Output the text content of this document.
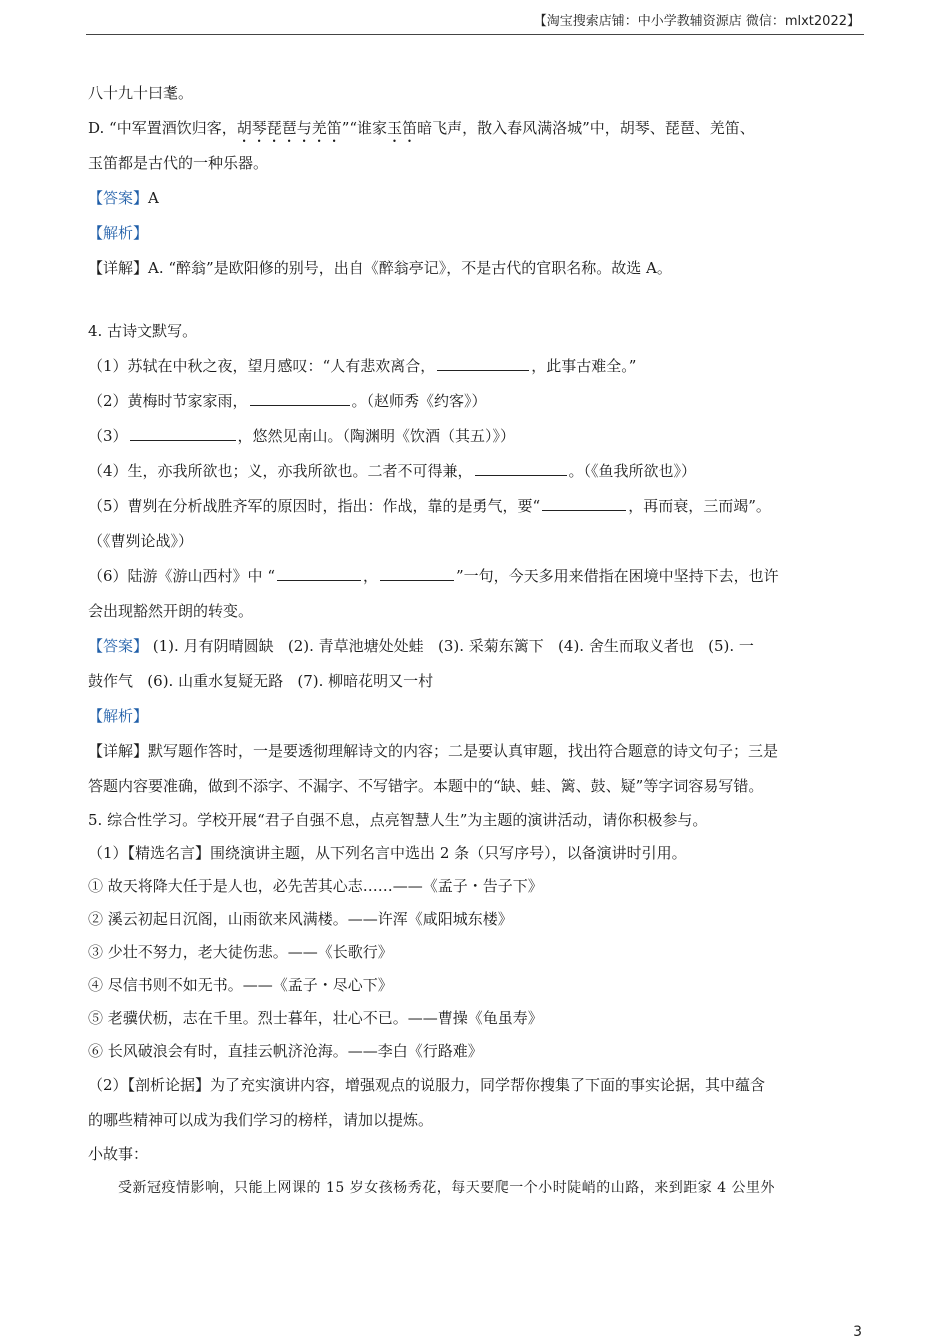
【淘宝搜索店铺：中小学教辅资源店 微信：mlxt2022】
八十九十曰耄。
D. “中军置酒饮归客，胡琴琵琶与羌笛”“谁家玉笛暗飞声，散入春风满洛城”中，胡琴、琵琶、羌笛、
玉笛都是古代的一种乐器。
【答案】A
【解析】
【详解】A. “醉翁”是欧阳修的别号，出自《醉翁亭记》，不是古代的官职名称。故选 A。
4. 古诗文默写。
（1）苏轼在中秋之夜，望月感叹：“人有悲欢离合，	，此事古难全。”
（2）黄梅时节家家雨，	。（赵师秀《约客》）
（3）	，悠然见南山。（陶渊明《饮酒（其五）》）
（4）生，亦我所欲也；义，亦我所欲也。二者不可得兼，	。（《鱼我所欲也》）
（5）曹刿在分析战胜齐军的原因时，指出：作战，靠的是勇气，要“	，再而衰，三而竭”。
（《曹刿论战》）
（6）陆游《游山西村》中 “	，	”一句，今天多用来借指在困境中坚持下去，也许
会出现豁然开朗的转变。
【答案】 (1). 月有阴晴圆缺   (2). 青草池塘处处蛙   (3). 采菊东篱下   (4). 舍生而取义者也   (5). 一
鼓作气   (6). 山重水复疑无路   (7). 柳暗花明又一村
【解析】
【详解】默写题作答时，一是要透彻理解诗文的内容；二是要认真审题，找出符合题意的诗文句子；三是
答题内容要准确，做到不添字、不漏字、不写错字。本题中的“缺、蛙、篱、鼓、疑”等字词容易写错。
5. 综合性学习。学校开展“君子自强不息，点亮智慧人生”为主题的演讲活动，请你积极参与。
（1）【精选名言】围绕演讲主题，从下列名言中选出 2 条（只写序号），以备演讲时引用。
① 故天将降大任于是人也，必先苦其心志……——《孟子・告子下》
② 溪云初起日沉阁，山雨欲来风满楼。——许浑《咸阳城东楼》
③ 少壮不努力，老大徒伤悲。——《长歌行》
④ 尽信书则不如无书。——《孟子・尽心下》
⑤ 老骥伏枥，志在千里。烈士暮年，壮心不已。——曹操《龟虽寿》
⑥ 长风破浪会有时，直挂云帆济沧海。——李白《行路难》
（2）【剖析论据】为了充实演讲内容，增强观点的说服力，同学帮你搜集了下面的事实论据，其中蕴含
的哪些精神可以成为我们学习的榜样，请加以提炼。
小故事：
受新冠疫情影响，只能上网课的 15 岁女孩杨秀花，每天要爬一个小时陡峭的山路，来到距家 4 公里外
3
